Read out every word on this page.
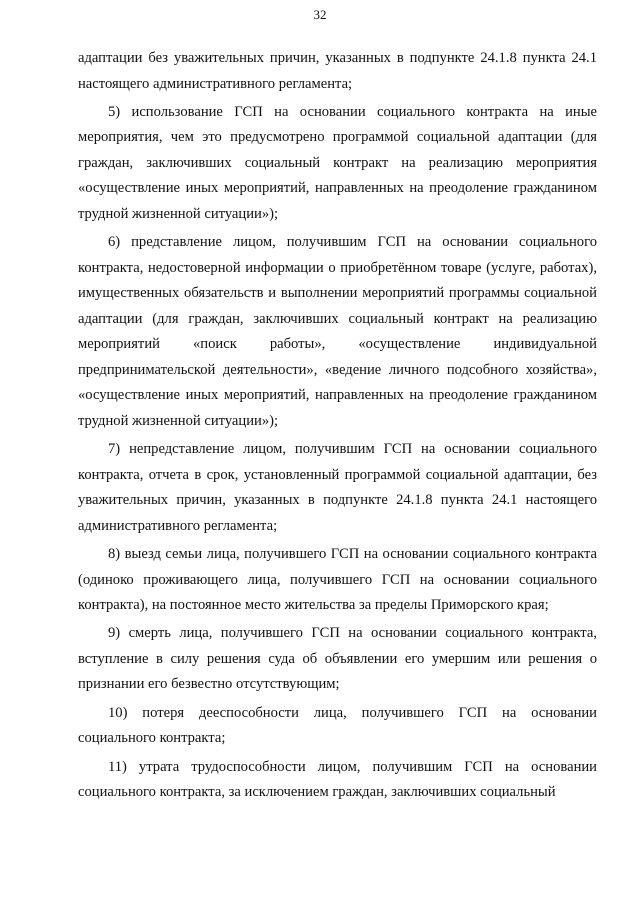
32

адаптации без уважительных причин, указанных в подпункте 24.1.8 пункта 24.1 настоящего административного регламента;

5) использование ГСП на основании социального контракта на иные мероприятия, чем это предусмотрено программой социальной адаптации (для граждан, заключивших социальный контракт на реализацию мероприятия «осуществление иных мероприятий, направленных на преодоление гражданином трудной жизненной ситуации»);

6) представление лицом, получившим ГСП на основании социального контракта, недостоверной информации о приобретённом товаре (услуге, работах), имущественных обязательств и выполнении мероприятий программы социальной адаптации (для граждан, заключивших социальный контракт на реализацию мероприятий «поиск работы», «осуществление индивидуальной предпринимательской деятельности», «ведение личного подсобного хозяйства», «осуществление иных мероприятий, направленных на преодоление гражданином трудной жизненной ситуации»);

7) непредставление лицом, получившим ГСП на основании социального контракта, отчета в срок, установленный программой социальной адаптации, без уважительных причин, указанных в подпункте 24.1.8 пункта 24.1 настоящего административного регламента;

8) выезд семьи лица, получившего ГСП на основании социального контракта (одиноко проживающего лица, получившего ГСП на основании социального контракта), на постоянное место жительства за пределы Приморского края;

9) смерть лица, получившего ГСП на основании социального контракта, вступление в силу решения суда об объявлении его умершим или решения о признании его безвестно отсутствующим;

10) потеря дееспособности лица, получившего ГСП на основании социального контракта;

11) утрата трудоспособности лицом, получившим ГСП на основании социального контракта, за исключением граждан, заключивших социальный
